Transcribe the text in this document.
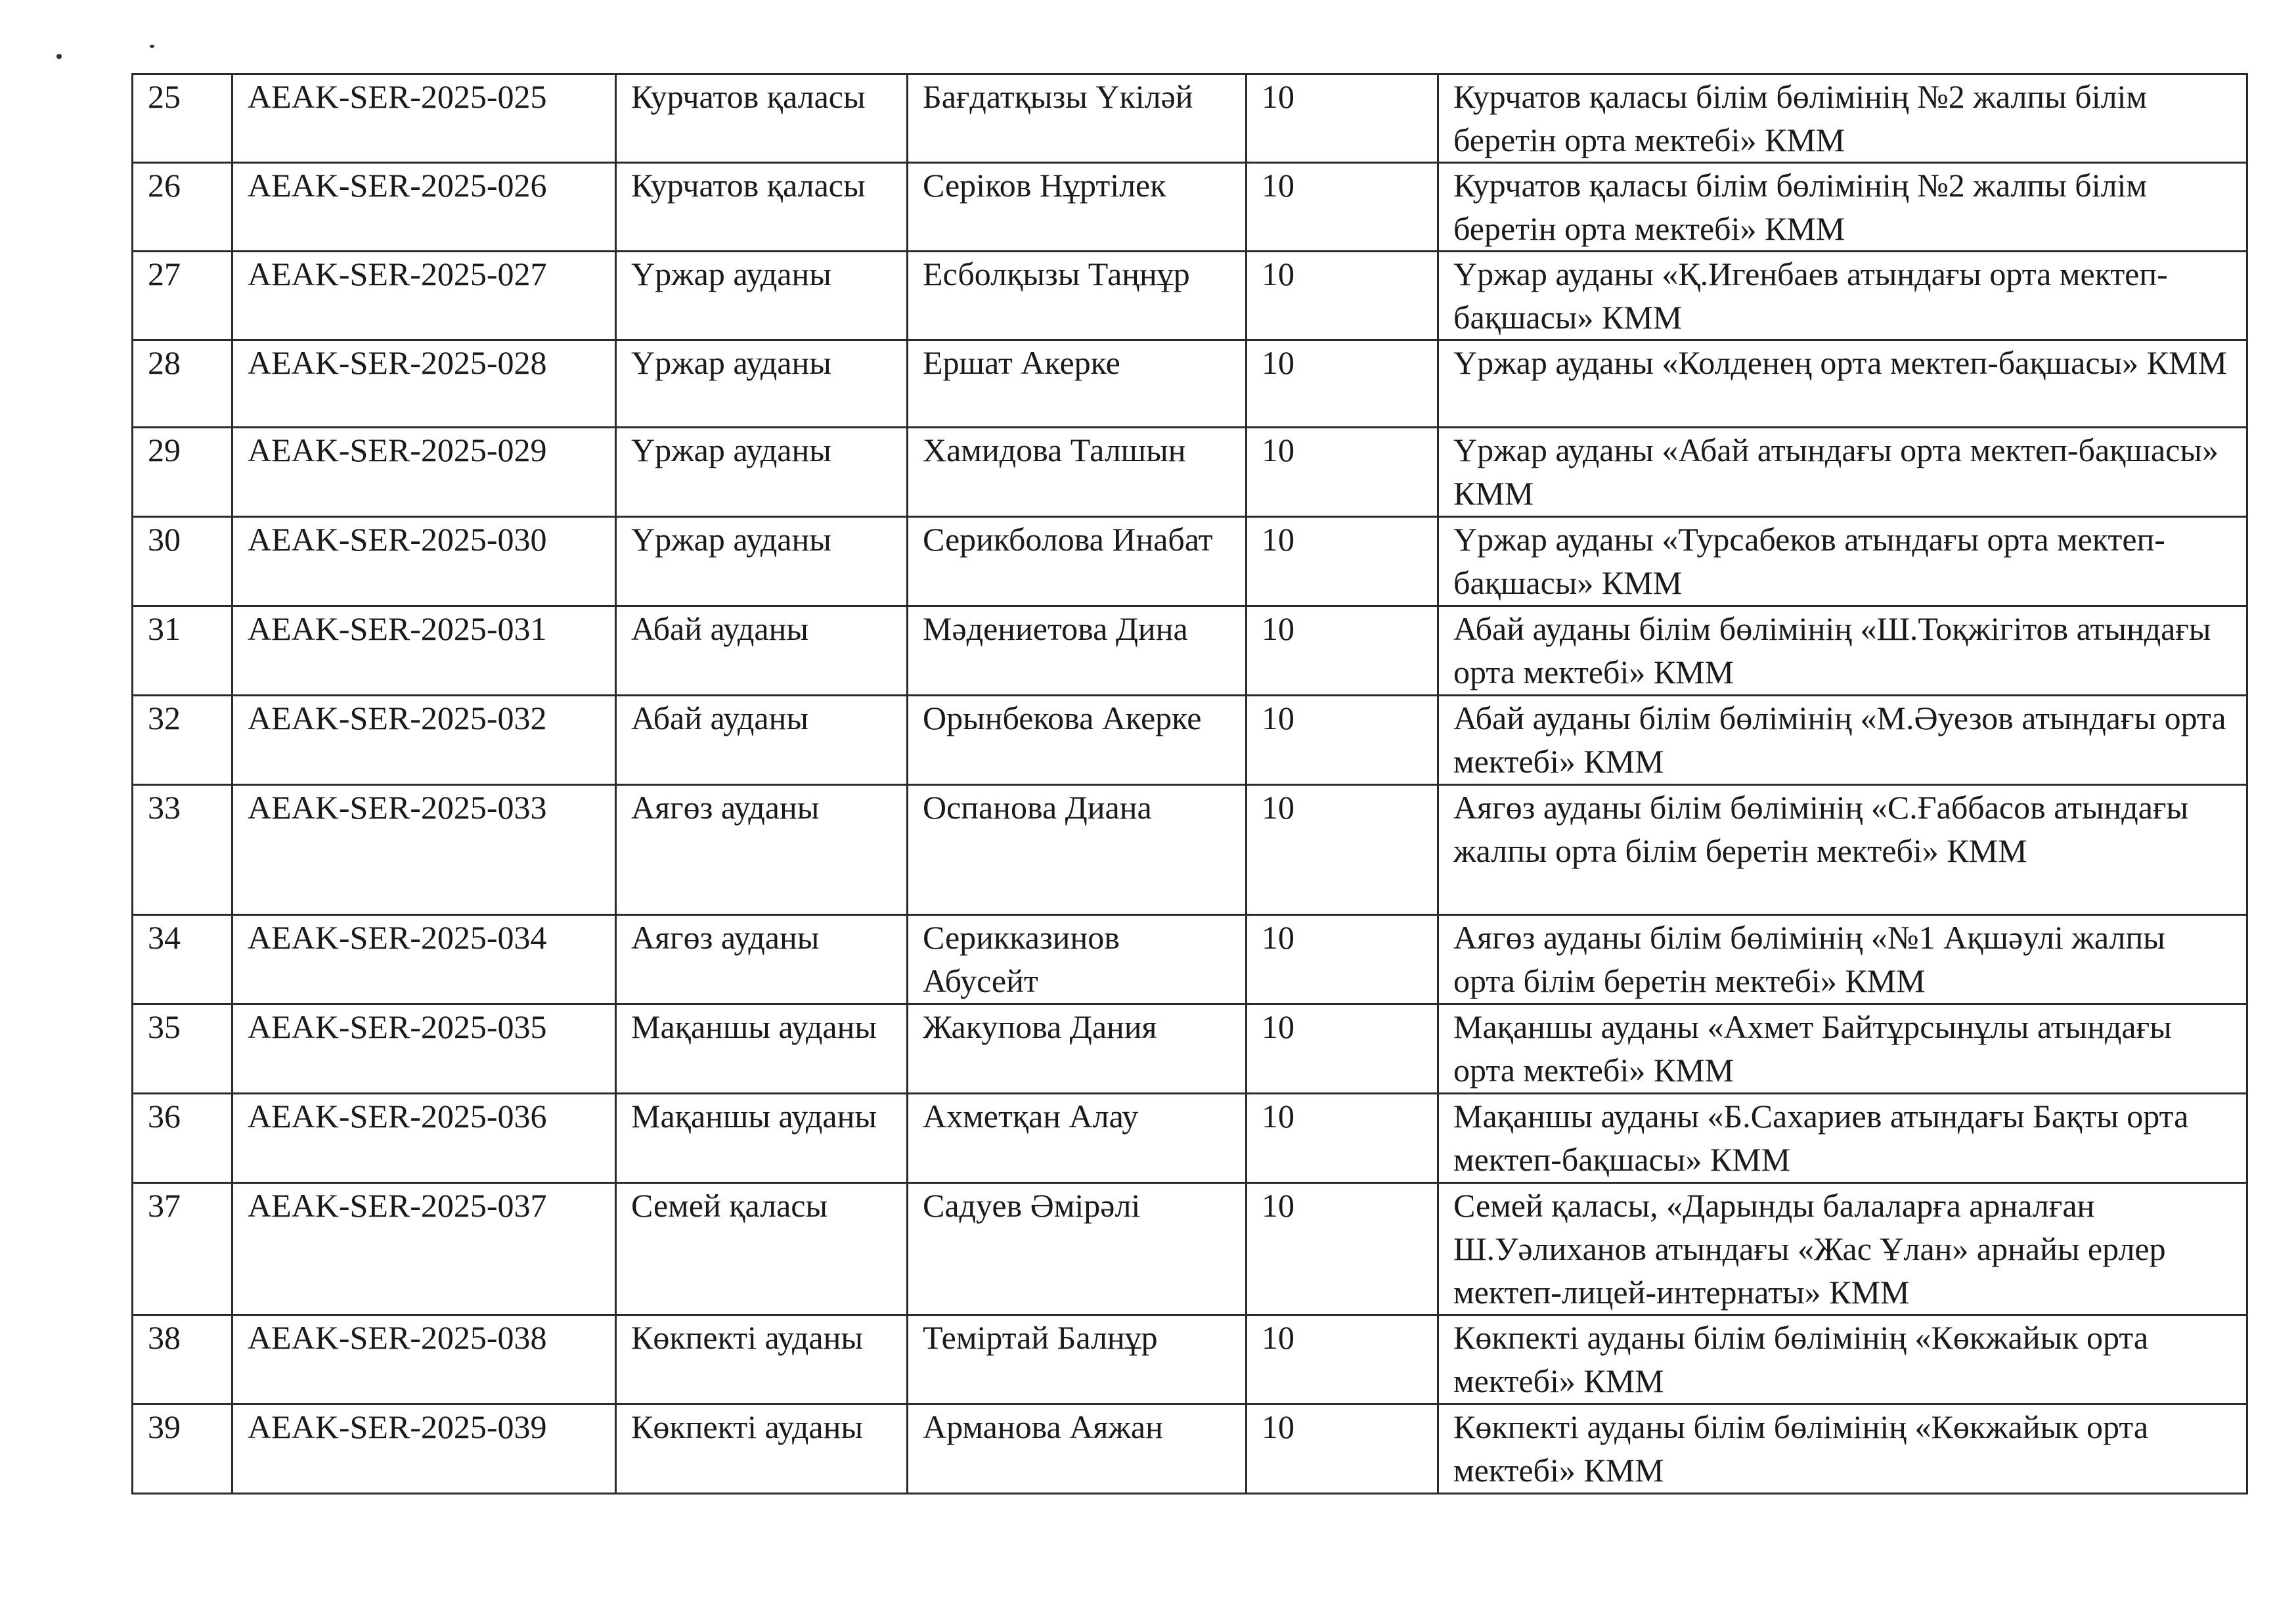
25	AEAK-SER-2025-025	Курчатов қаласы	Бағдатқызы Үкiлəй	10	Курчатов қаласы бiлiм бөлiмiнiң №2 жалпы бiлiм беретiн орта мектебi» КММ
26	AEAK-SER-2025-026	Курчатов қаласы	Серiков Нұртiлек	10	Курчатов қаласы бiлiм бөлiмiнiң №2 жалпы бiлiм беретiн орта мектебi» КММ
27	AEAK-SER-2025-027	Үржар ауданы	Есболқызы Таңнұр	10	Үржар ауданы «Қ.Игенбаев атындағы орта мектеп-бақшасы» КММ
28	AEAK-SER-2025-028	Үржар ауданы	Ершат Акерке	10	Үржар ауданы «Колденең орта мектеп-бақшасы» КММ
29	AEAK-SER-2025-029	Үржар ауданы	Хамидова Талшын	10	Үржар ауданы «Абай атындағы орта мектеп-бақшасы» КММ
30	AEAK-SER-2025-030	Үржар ауданы	Серикболова Инабат	10	Үржар ауданы «Турсабеков атындағы орта мектеп-бақшасы» КММ
31	AEAK-SER-2025-031	Абай ауданы	Мəдениетова Дина	10	Абай ауданы бiлiм бөлiмiнiң «Ш.Тоқжiгiтов атындағы орта мектебi» КММ
32	AEAK-SER-2025-032	Абай ауданы	Орынбекова Акерке	10	Абай ауданы бiлiм бөлiмiнiң «М.Əуезов атындағы орта мектебi» КММ
33	AEAK-SER-2025-033	Аягөз ауданы	Оспанова Диана	10	Аягөз ауданы бiлiм бөлiмiнiң «С.Ғаббасов атындағы жалпы орта бiлiм беретiн мектебi» КММ
34	AEAK-SER-2025-034	Аягөз ауданы	Серикказинов Абусейт	10	Аягөз ауданы бiлiм бөлiмiнiң «№1 Ақшəулi жалпы орта бiлiм беретiн мектебi» КММ
35	AEAK-SER-2025-035	Мақаншы ауданы	Жакупова Дания	10	Мақаншы ауданы «Ахмет Байтұрсынұлы атындағы орта мектебi» КММ
36	AEAK-SER-2025-036	Мақаншы ауданы	Ахметқан Алау	10	Мақаншы ауданы «Б.Сахариев атындағы Бақты орта мектеп-бақшасы» КММ
37	AEAK-SER-2025-037	Семей қаласы	Садуев Əмiрəлi	10	Семей қаласы, «Дарынды балаларға арналған Ш.Уəлиханов атындағы «Жас Ұлан» арнайы ерлер мектеп-лицей-интернаты» КММ
38	AEAK-SER-2025-038	Көкпектi ауданы	Темiртай Балнұр	10	Көкпектi ауданы бiлiм бөлiмiнiң «Көкжайык орта мектебi» КММ
39	AEAK-SER-2025-039	Көкпектi ауданы	Арманова Аяжан	10	Көкпектi ауданы бiлiм бөлiмiнiң «Көкжайык орта мектебi» КММ
